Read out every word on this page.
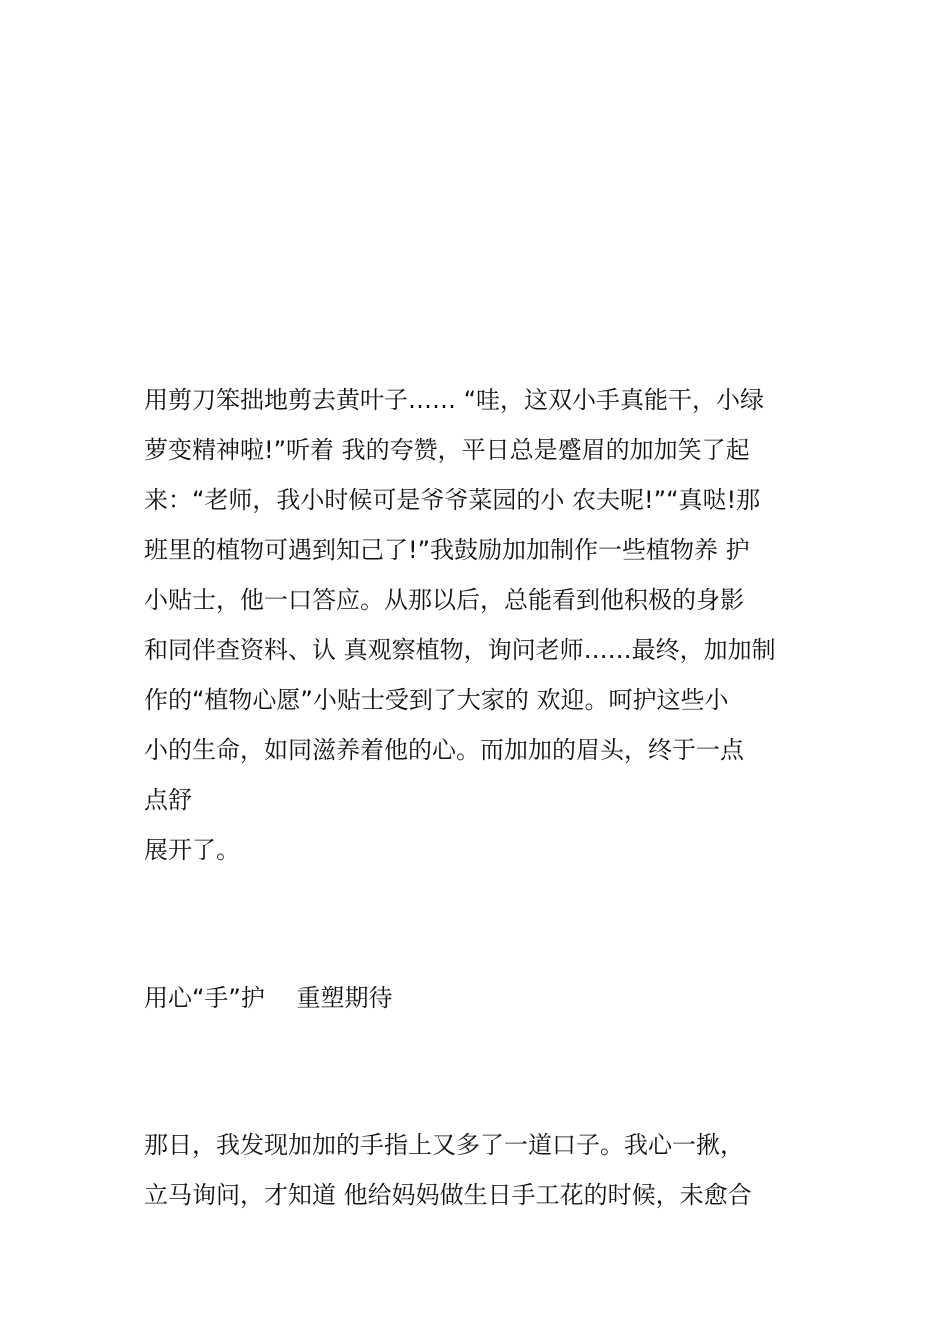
用剪刀笨拙地剪去黄叶子…… “哇，这双小手真能干，小绿
萝变精神啦!”听着 我的夸赞，平日总是蹙眉的加加笑了起
来：“老师，我小时候可是爷爷菜园的小 农夫呢!”“真哒!那
班里的植物可遇到知己了!”我鼓励加加制作一些植物养 护
小贴士，他一口答应。从那以后，总能看到他积极的身影
和同伴查资料、认 真观察植物，询问老师……最终，加加制
作的“植物心愿”小贴士受到了大家的 欢迎。呵护这些小
小的生命，如同滋养着他的心。而加加的眉头，终于一点
点舒
展开了。
用心“手”护　 重塑期待
那日，我发现加加的手指上又多了一道口子。我心一揪，
立马询问，才知道 他给妈妈做生日手工花的时候，未愈合
